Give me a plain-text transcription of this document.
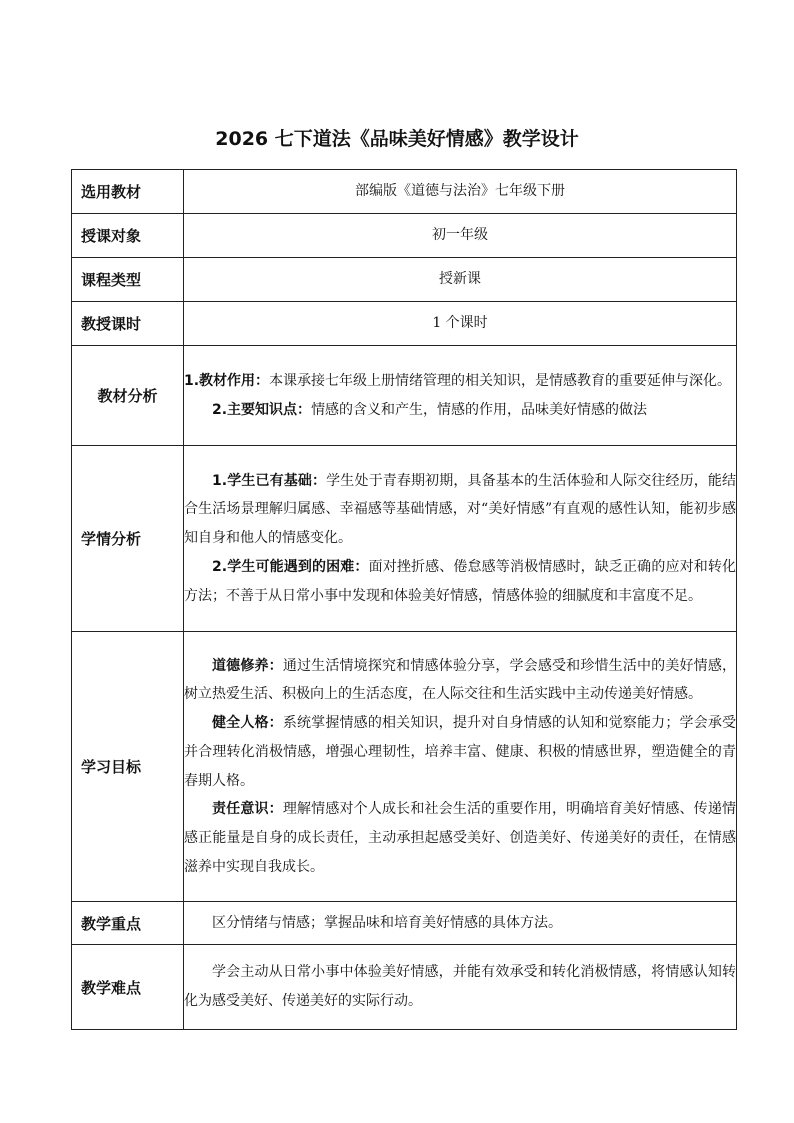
2026 七下道法《品味美好情感》教学设计
选用教材	部编版《道德与法治》七年级下册
授课对象	初一年级
课程类型	授新课
教授课时	1 个课时
教材分析	1.教材作用：本课承接七年级上册情绪管理的相关知识，是情感教育的重要延伸与深化。

2.主要知识点：情感的含义和产生，情感的作用，品味美好情感的做法

学情分析	1.学生已有基础：学生处于青春期初期，具备基本的生活体验和人际交往经历，能结合生活场景理解归属感、幸福感等基础情感，对“美好情感”有直观的感性认知，能初步感知自身和他人的情感变化。

2.学生可能遇到的困难：面对挫折感、倦怠感等消极情感时，缺乏正确的应对和转化方法；不善于从日常小事中发现和体验美好情感，情感体验的细腻度和丰富度不足。

学习目标	道德修养：通过生活情境探究和情感体验分享，学会感受和珍惜生活中的美好情感，树立热爱生活、积极向上的生活态度，在人际交往和生活实践中主动传递美好情感。

健全人格：系统掌握情感的相关知识，提升对自身情感的认知和觉察能力；学会承受并合理转化消极情感，增强心理韧性，培养丰富、健康、积极的情感世界，塑造健全的青春期人格。

责任意识：理解情感对个人成长和社会生活的重要作用，明确培育美好情感、传递情感正能量是自身的成长责任，主动承担起感受美好、创造美好、传递美好的责任，在情感滋养中实现自我成长。

教学重点	区分情绪与情感；掌握品味和培育美好情感的具体方法。

教学难点	学会主动从日常小事中体验美好情感，并能有效承受和转化消极情感，将情感认知转化为感受美好、传递美好的实际行动。
